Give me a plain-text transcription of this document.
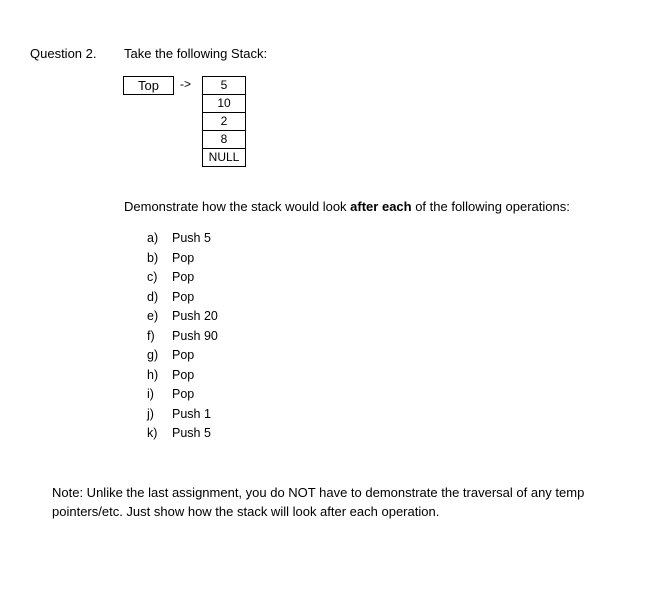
Question 2. Take the following Stack:
Top	->	5
10
2
8
NULL
Demonstrate how the stack would look after each of the following operations:
a) Push 5
b) Pop
c) Pop
d) Pop
e) Push 20
f) Push 90
g) Pop
h) Pop
i) Pop
j) Push 1
k) Push 5
Note: Unlike the last assignment, you do NOT have to demonstrate the traversal of any temp
pointers/etc. Just show how the stack will look after each operation.
